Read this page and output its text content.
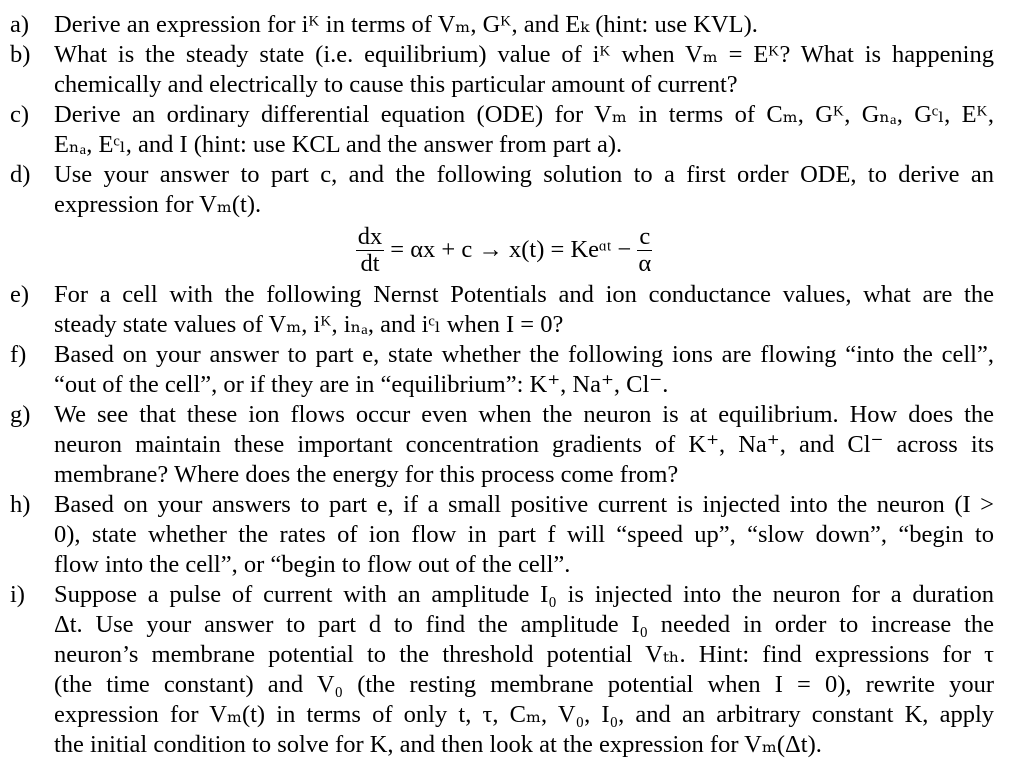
a)	Derive an expression for iᴷ in terms of Vₘ, Gᴷ, and Eₖ (hint: use KVL).
b) What is the steady state (i.e. equilibrium) value of iᴷ when Vₘ = Eᴷ? What is happening
chemically and electrically to cause this particular amount of current?
c)	Derive an ordinary differential equation (ODE) for Vₘ in terms of Cₘ, Gᴷ, Gₙₐ, Gᶜₗ, Eᴷ,
Eₙₐ, Eᶜₗ, and I (hint: use KCL and the answer from part a).
d) Use your answer to part c, and the following solution to a first order ODE, to derive an
expression for Vₘ(t).
$\frac{dx}{dt} = \alpha x + c \to x(t)$ = Keᵅᵗ − $\frac{c}{\alpha}$
e)	For a cell with the following Nernst Potentials and ion conductance values, what are the
steady state values of Vₘ, iᴷ, iₙₐ, and iᶜₗ when I = 0?
f)	Based on your answer to part e, state whether the following ions are flowing “into the cell”,
“out of the cell”, or if they are in “equilibrium”: K⁺, Na⁺, Cl⁻.
g) We see that these ion flows occur even when the neuron is at equilibrium. How does the
neuron maintain these important concentration gradients of K⁺, Na⁺, and Cl⁻ across its
membrane? Where does the energy for this process come from?
h) Based on your answers to part e, if a small positive current is injected into the neuron (I >
0), state whether the rates of ion flow in part f will “speed up”, “slow down”, “begin to
flow into the cell”, or “begin to flow out of the cell”.
i)	Suppose a pulse of current with an amplitude I₀ is injected into the neuron for a duration
Δt. Use your answer to part d to find the amplitude I₀ needed in order to increase the
neuron’s membrane potential to the threshold potential Vₜₕ. Hint: find expressions for τ
(the time constant) and V₀ (the resting membrane potential when I = 0), rewrite your
expression for Vₘ(t) in terms of only t, τ, Cₘ, V₀, I₀, and an arbitrary constant K, apply
the initial condition to solve for K, and then look at the expression for Vₘ(Δt).
